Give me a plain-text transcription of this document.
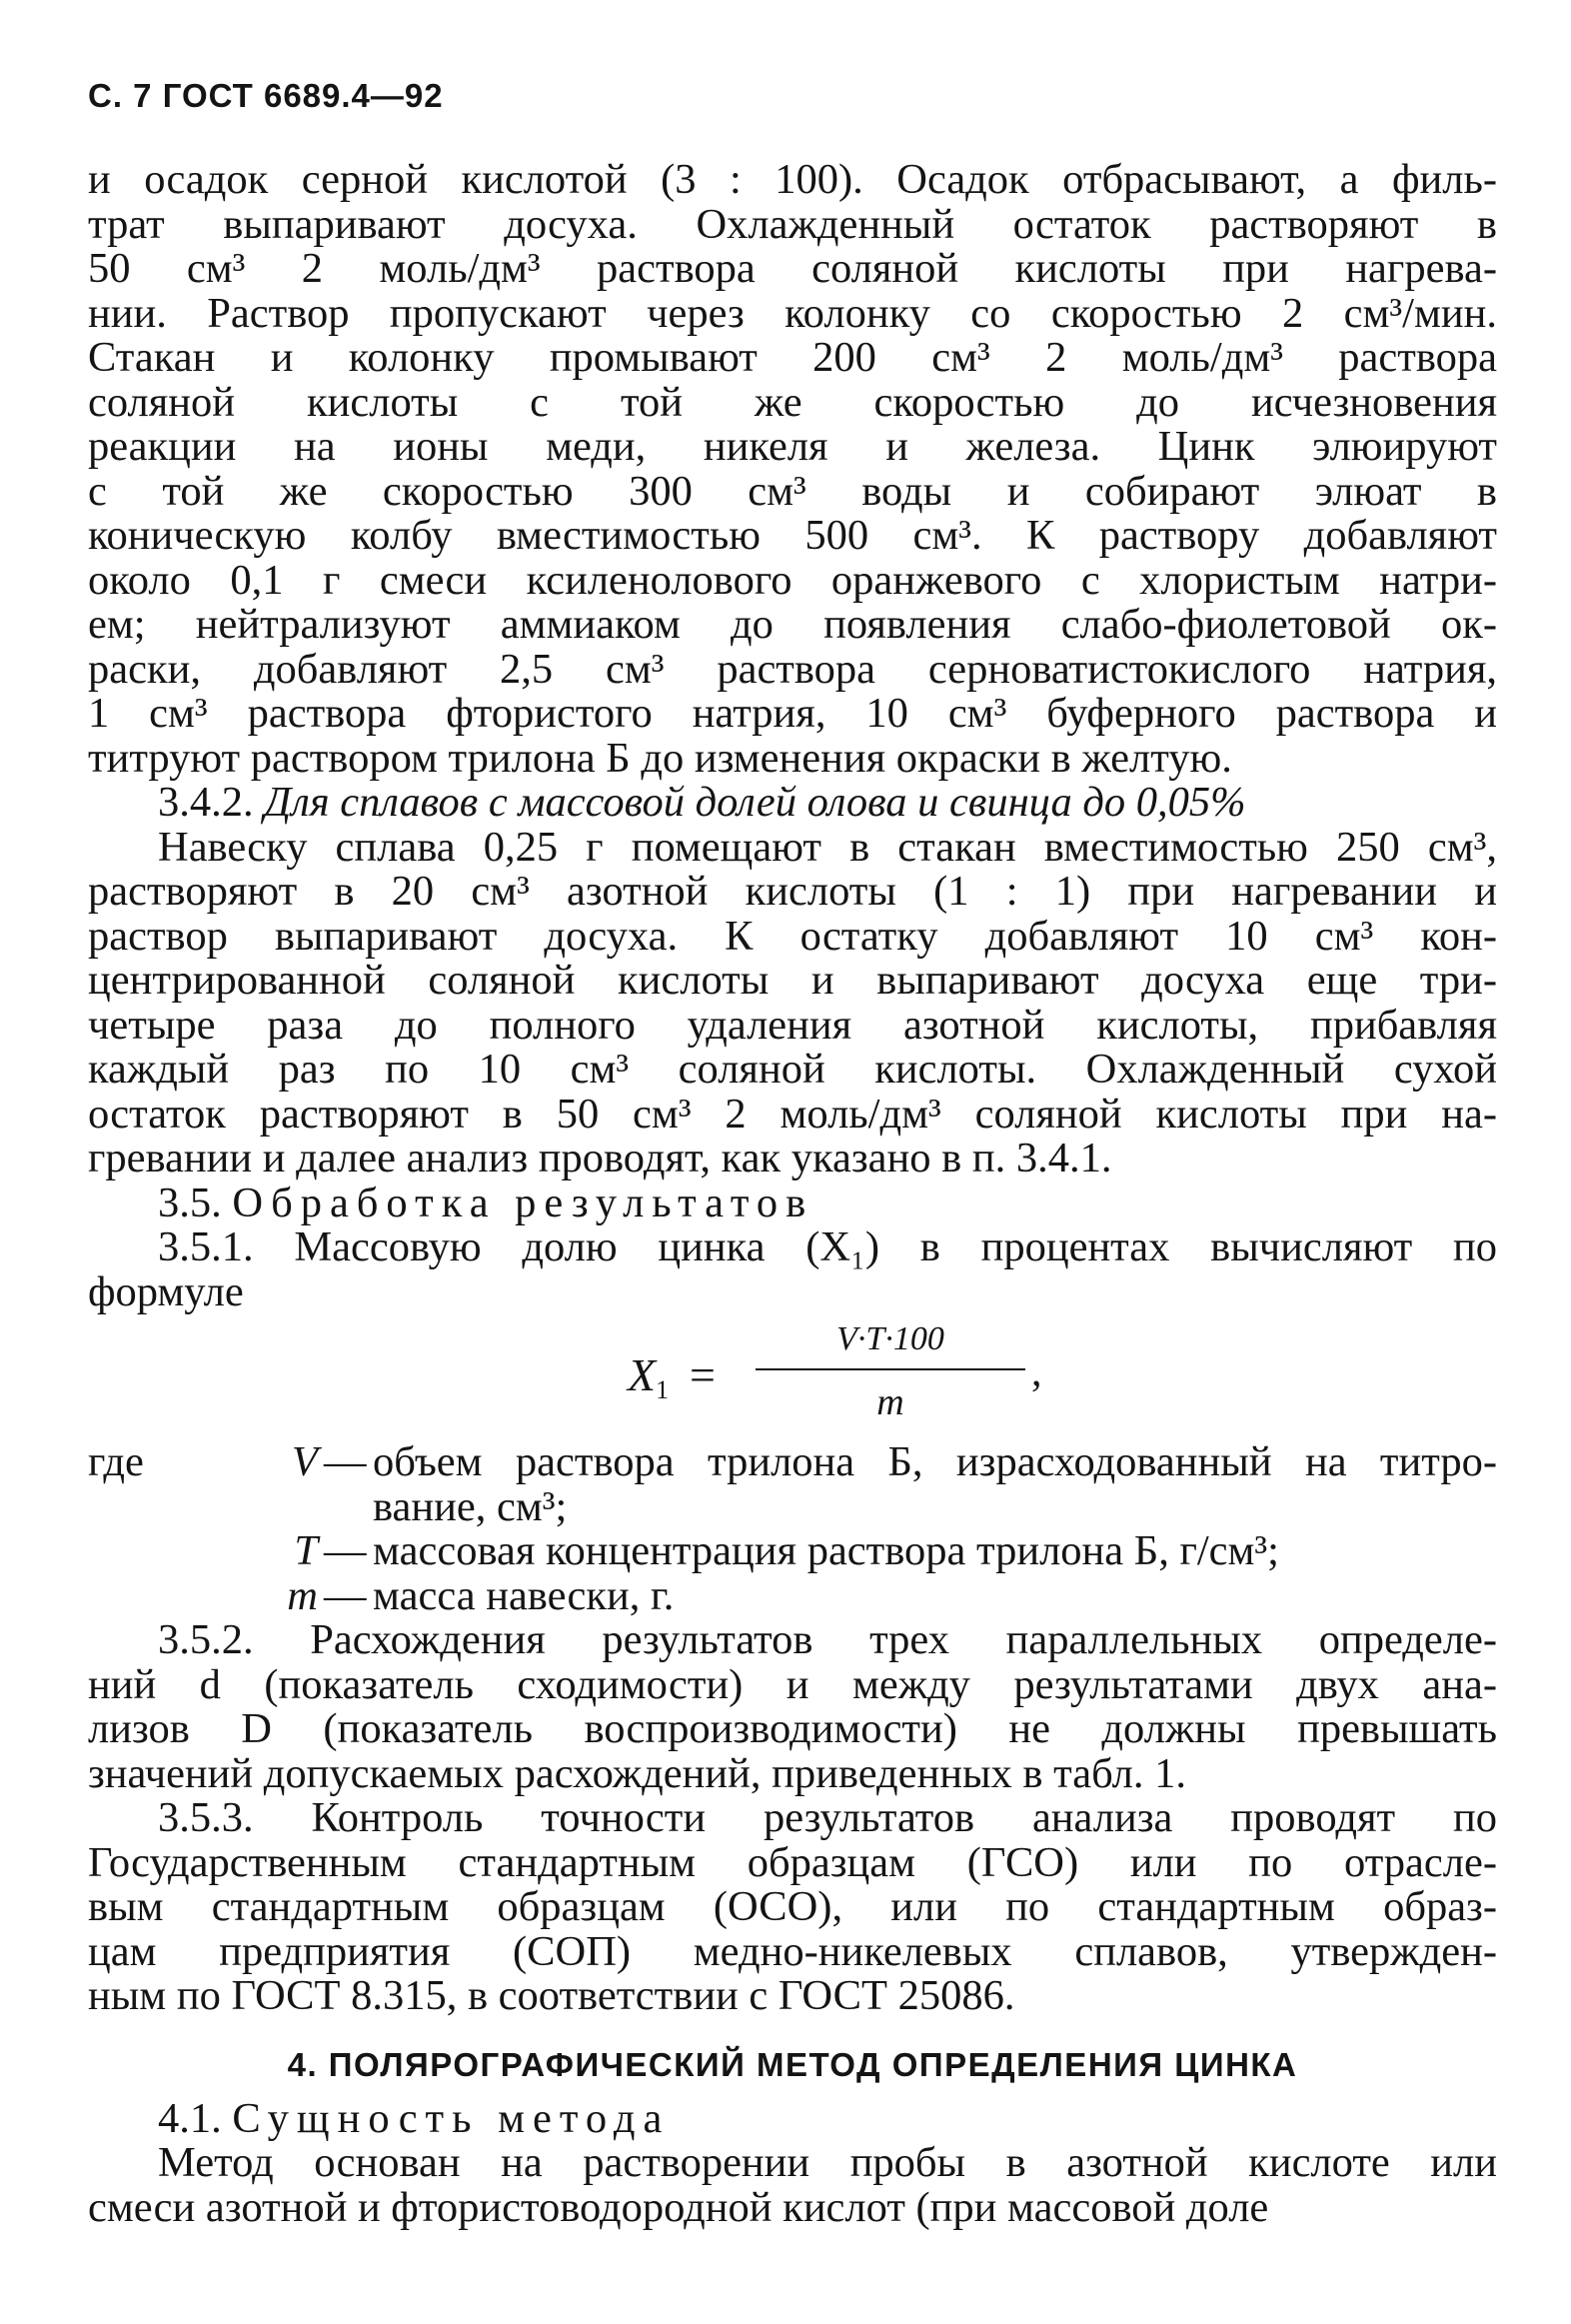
С. 7 ГОСТ 6689.4—92
и осадок серной кислотой (3 : 100). Осадок отбрасывают, а филь-
трат выпаривают досуха. Охлажденный остаток растворяют в
50 см³ 2 моль/дм³ раствора соляной кислоты при нагрева-
нии. Раствор пропускают через колонку со скоростью 2 см³/мин.
Стакан и колонку промывают 200 см³ 2 моль/дм³ раствора
соляной кислоты с той же скоростью до исчезновения
реакции на ионы меди, никеля и железа. Цинк элюируют
с той же скоростью 300 см³ воды и собирают элюат в
коническую колбу вместимостью 500 см³. К раствору добавляют
около 0,1 г смеси ксиленолового оранжевого с хлористым натри-
ем; нейтрализуют аммиаком до появления слабо-фиолетовой ок-
раски, добавляют 2,5 см³ раствора серноватистокислого натрия,
1 см³ раствора фтористого натрия, 10 см³ буферного раствора и
титруют раствором трилона Б до изменения окраски в желтую.
3.4.2. Для сплавов с массовой долей олова и свинца до 0,05%
Навеску сплава 0,25 г помещают в стакан вместимостью 250 см³,
растворяют в 20 см³ азотной кислоты (1 : 1) при нагревании и
раствор выпаривают досуха. К остатку добавляют 10 см³ кон-
центрированной соляной кислоты и выпаривают досуха еще три-
четыре раза до полного удаления азотной кислоты, прибавляя
каждый раз по 10 см³ соляной кислоты. Охлажденный сухой
остаток растворяют в 50 см³ 2 моль/дм³ соляной кислоты при на-
гревании и далее анализ проводят, как указано в п. 3.4.1.
3.5. Обработка результатов
3.5.1. Массовую долю цинка (X₁) в процентах вычисляют по
формуле
$X_1$ =
V·T·100
m
,
где	V — объем раствора трилона Б, израсходованный на титро-
вание, см³;
T — массовая концентрация раствора трилона Б, г/см³;
m — масса навески, г.
3.5.2. Расхождения результатов трех параллельных определе-
ний d (показатель сходимости) и между результатами двух ана-
лизов D (показатель воспроизводимости) не должны превышать
значений допускаемых расхождений, приведенных в табл. 1.
3.5.3. Контроль точности результатов анализа проводят по
Государственным стандартным образцам (ГСО) или по отрасле-
вым стандартным образцам (ОСО), или по стандартным образ-
цам предприятия (СОП) медно-никелевых сплавов, утвержден-
ным по ГОСТ 8.315, в соответствии с ГОСТ 25086.
4. ПОЛЯРОГРАФИЧЕСКИЙ МЕТОД ОПРЕДЕЛЕНИЯ ЦИНКА
4.1. Сущность метода
Метод основан на растворении пробы в азотной кислоте или
смеси азотной и фтористоводородной кислот (при массовой доле
